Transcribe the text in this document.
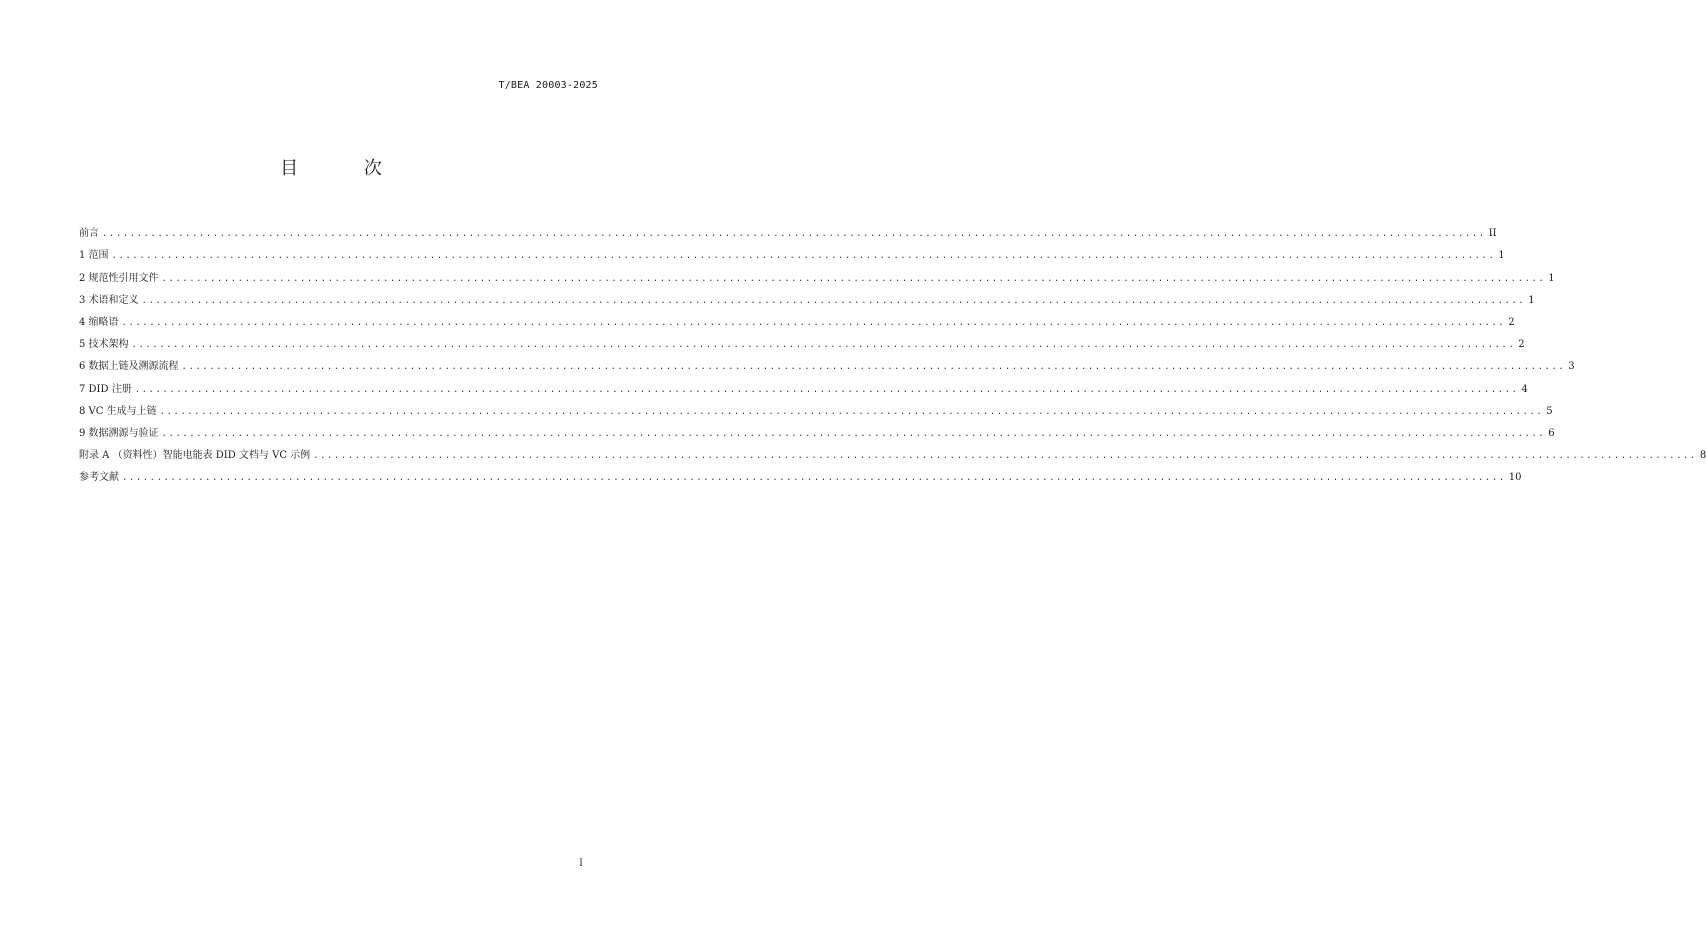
T/BEA 20003-2025
目 次
前言 ........................................................................................................................................................................................................ II
1 范围 ........................................................................................................................................................................................................ 1
2 规范性引用文件 ........................................................................................................................................................................................................ 1
3 术语和定义 ........................................................................................................................................................................................................ 1
4 缩略语 ........................................................................................................................................................................................................ 2
5 技术架构 ........................................................................................................................................................................................................ 2
6 数据上链及溯源流程 ........................................................................................................................................................................................................ 3
7 DID 注册 ........................................................................................................................................................................................................ 4
8 VC 生成与上链 ........................................................................................................................................................................................................ 5
9 数据溯源与验证 ........................................................................................................................................................................................................ 6
附录 A （资料性）智能电能表 DID 文档与 VC 示例 ........................................................................................................................................................................................................ 8
参考文献 ........................................................................................................................................................................................................ 10
I
